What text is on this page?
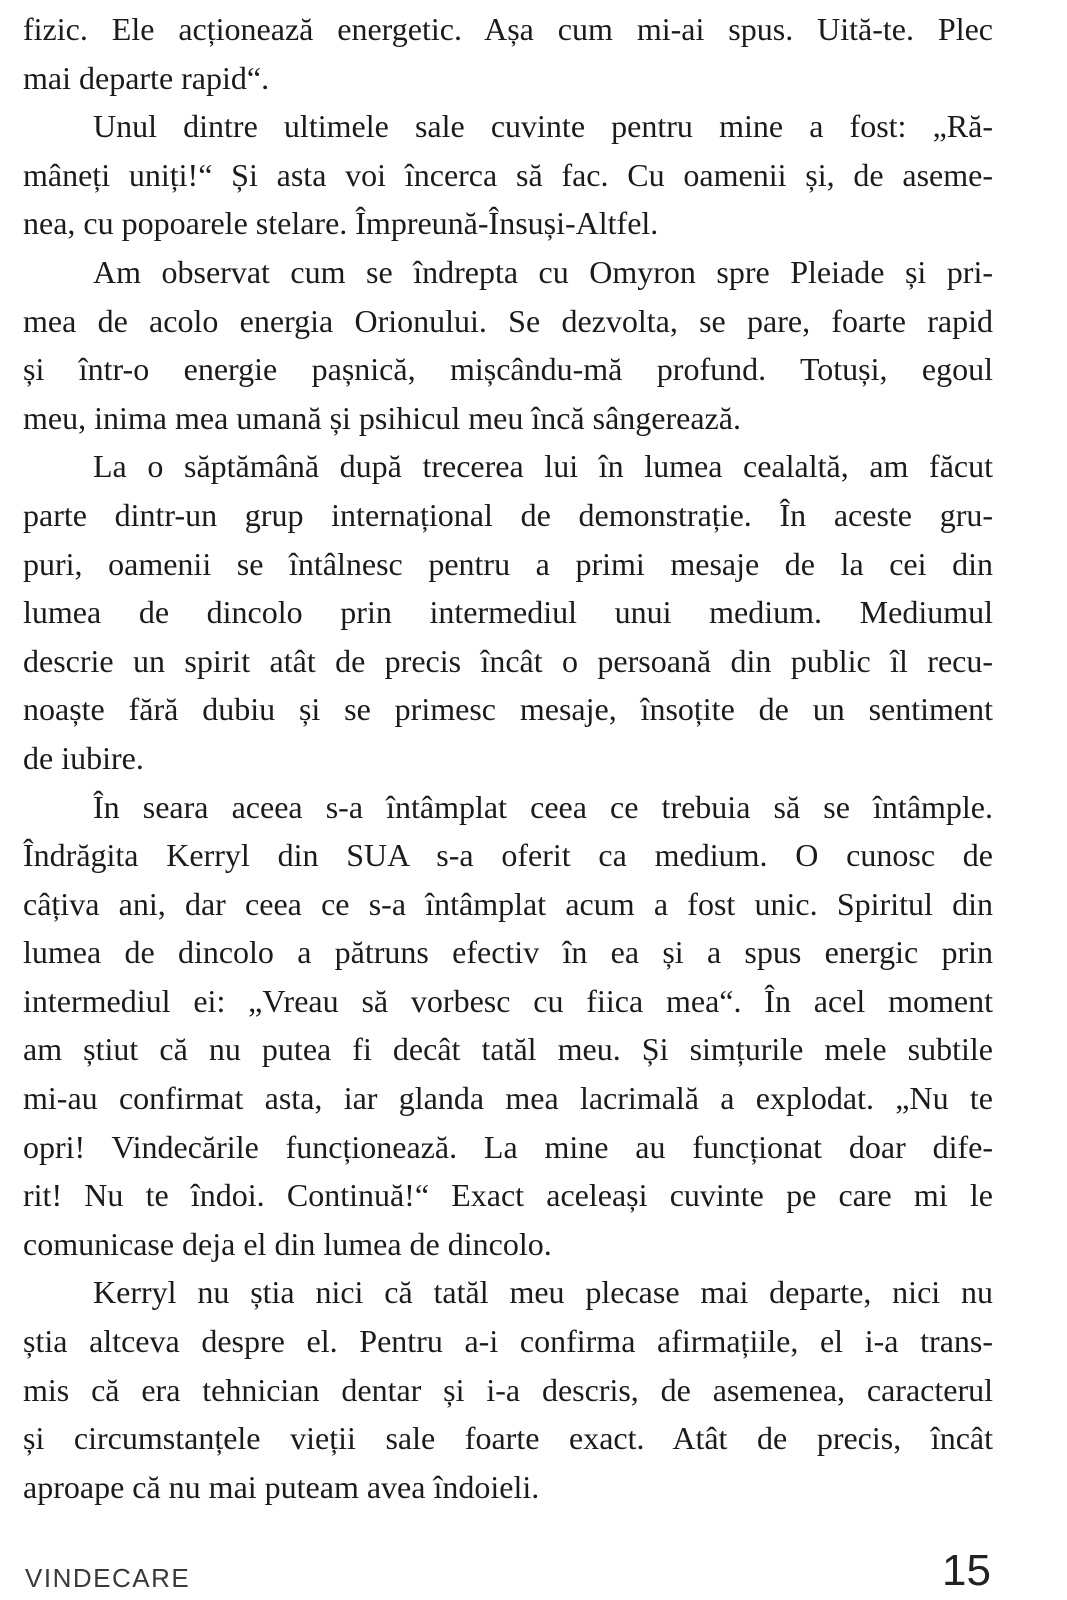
fizic. Ele acționează energetic. Așa cum mi-ai spus. Uită-te. Plec
mai departe rapid“.
Unul dintre ultimele sale cuvinte pentru mine a fost: „Ră-
mâneți uniți!“ Și asta voi încerca să fac. Cu oamenii și, de aseme-
nea, cu popoarele stelare. Împreună-Însuși-Altfel.
Am observat cum se îndrepta cu Omyron spre Pleiade și pri-
mea de acolo energia Orionului. Se dezvolta, se pare, foarte rapid
și într-o energie pașnică, mișcându-mă profund. Totuși, egoul
meu, inima mea umană și psihicul meu încă sângerează.
La o săptămână după trecerea lui în lumea cealaltă, am făcut
parte dintr-un grup internațional de demonstrație. În aceste gru-
puri, oamenii se întâlnesc pentru a primi mesaje de la cei din
lumea de dincolo prin intermediul unui medium. Mediumul
descrie un spirit atât de precis încât o persoană din public îl recu-
noaște fără dubiu și se primesc mesaje, însoțite de un sentiment
de iubire.
În seara aceea s-a întâmplat ceea ce trebuia să se întâmple.
Îndrăgita Kerryl din SUA s-a oferit ca medium. O cunosc de
câțiva ani, dar ceea ce s-a întâmplat acum a fost unic. Spiritul din
lumea de dincolo a pătruns efectiv în ea și a spus energic prin
intermediul ei: „Vreau să vorbesc cu fiica mea“. În acel moment
am știut că nu putea fi decât tatăl meu. Și simțurile mele subtile
mi-au confirmat asta, iar glanda mea lacrimală a explodat. „Nu te
opri! Vindecările funcționează. La mine au funcționat doar dife-
rit! Nu te îndoi. Continuă!“ Exact aceleași cuvinte pe care mi le
comunicase deja el din lumea de dincolo.
Kerryl nu știa nici că tatăl meu plecase mai departe, nici nu
știa altceva despre el. Pentru a-i confirma afirmațiile, el i-a trans-
mis că era tehnician dentar și i-a descris, de asemenea, caracterul
și circumstanțele vieții sale foarte exact. Atât de precis, încât
aproape că nu mai puteam avea îndoieli.
VINDECARE	15
